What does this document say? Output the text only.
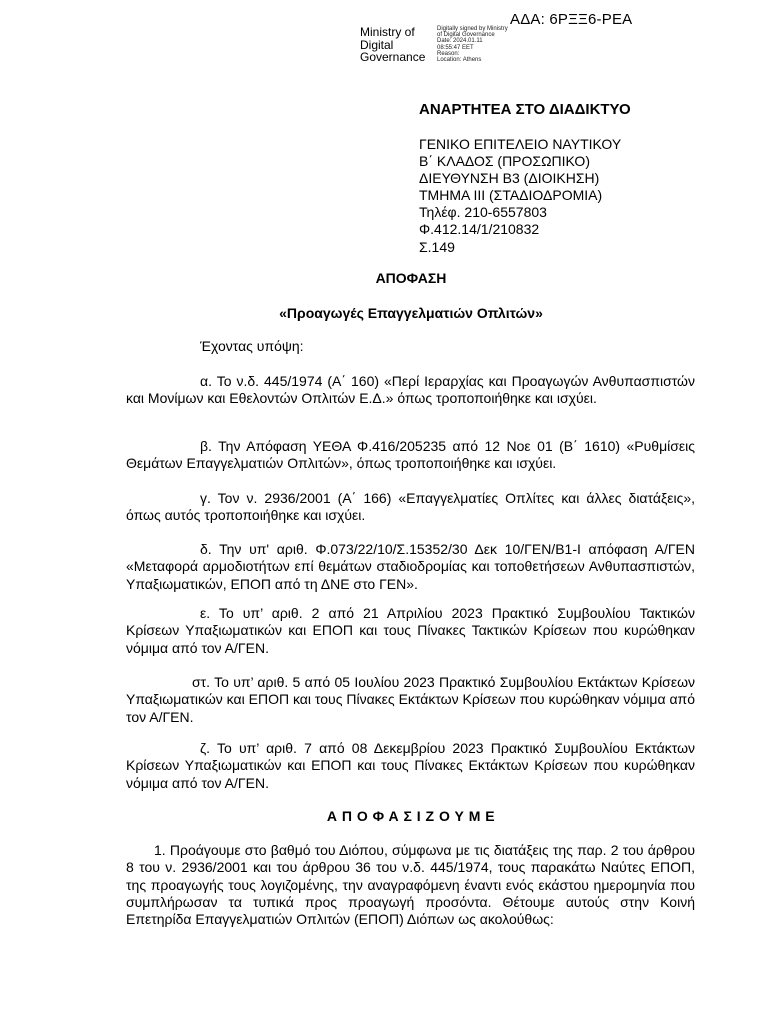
ΑΔΑ: 6ΡΞΞ6-ΡΕΑ
Ministry of
Digital
Governance
Digitally signed by Ministry
of Digital Governance
Date: 2024.01.11
08:55:47 EET
Reason:
Location: Athens
ΑΝΑΡΤΗΤΕΑ ΣΤΟ ΔΙΑΔΙΚΤΥΟ
ΓΕΝΙΚΟ ΕΠΙΤΕΛΕΙΟ ΝΑΥΤΙΚΟΥ
Β΄ ΚΛΑΔΟΣ (ΠΡΟΣΩΠΙΚΟ)
ΔΙΕΥΘΥΝΣΗ Β3 (ΔΙΟΙΚΗΣΗ)
ΤΜΗΜΑ ΙΙΙ (ΣΤΑΔΙΟΔΡΟΜΙΑ)
Τηλέφ. 210-6557803
Φ.412.14/1/210832
Σ.149
ΑΠΟΦΑΣΗ
«Προαγωγές Επαγγελματιών Οπλιτών»
Έχοντας υπόψη:
α. Το ν.δ. 445/1974 (Α΄ 160) «Περί Ιεραρχίας και Προαγωγών Ανθυπασπιστών και Μονίμων και Εθελοντών Οπλιτών Ε.Δ.» όπως τροποποιήθηκε και ισχύει.
β. Την Απόφαση ΥΕΘΑ Φ.416/205235 από 12 Νοε 01 (Β΄ 1610) «Ρυθμίσεις Θεμάτων Επαγγελματιών Οπλιτών», όπως τροποποιήθηκε και ισχύει.
γ. Τον ν. 2936/2001 (Α΄ 166) «Επαγγελματίες Οπλίτες και άλλες διατάξεις», όπως αυτός τροποποιήθηκε και ισχύει.
δ. Την υπ' αριθ. Φ.073/22/10/Σ.15352/30 Δεκ 10/ΓΕΝ/Β1-Ι απόφαση Α/ΓΕΝ «Μεταφορά αρμοδιοτήτων επί θεμάτων σταδιοδρομίας και τοποθετήσεων Ανθυπασπιστών, Υπαξιωματικών, ΕΠΟΠ από τη ΔΝΕ στο ΓΕΝ».
ε. Το υπ’ αριθ. 2 από 21 Απριλίου 2023 Πρακτικό Συμβουλίου Τακτικών Κρίσεων Υπαξιωματικών και ΕΠΟΠ και τους Πίνακες Τακτικών Κρίσεων που κυρώθηκαν νόμιμα από τον Α/ΓΕΝ.
στ. Το υπ’ αριθ. 5 από 05 Ιουλίου 2023 Πρακτικό Συμβουλίου Εκτάκτων Κρίσεων Υπαξιωματικών και ΕΠΟΠ και τους Πίνακες Εκτάκτων Κρίσεων που κυρώθηκαν νόμιμα από τον Α/ΓΕΝ.
ζ. Το υπ’ αριθ. 7 από 08 Δεκεμβρίου 2023 Πρακτικό Συμβουλίου Εκτάκτων Κρίσεων Υπαξιωματικών και ΕΠΟΠ και τους Πίνακες Εκτάκτων Κρίσεων που κυρώθηκαν νόμιμα από τον Α/ΓΕΝ.
Α Π Ο Φ Α Σ Ι Ζ Ο Υ Μ Ε
1. Προάγουμε στο βαθμό του Διόπου, σύμφωνα με τις διατάξεις της παρ. 2 του άρθρου 8 του ν. 2936/2001 και του άρθρου 36 του ν.δ. 445/1974, τους παρακάτω Ναύτες ΕΠΟΠ, της προαγωγής τους λογιζομένης, την αναγραφόμενη έναντι ενός εκάστου ημερομηνία που συμπλήρωσαν τα τυπικά προς προαγωγή προσόντα. Θέτουμε αυτούς στην Κοινή Επετηρίδα Επαγγελματιών Οπλιτών (ΕΠΟΠ) Διόπων ως ακολούθως:
